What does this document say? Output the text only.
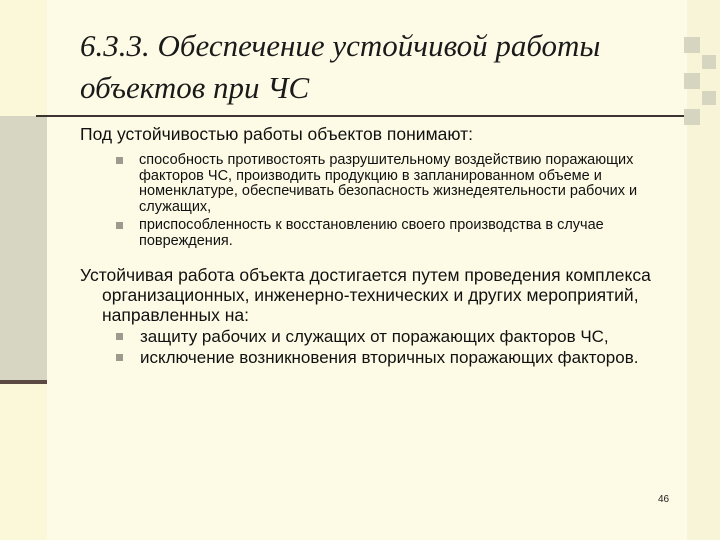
6.3.3. Обеспечение устойчивой работы объектов при ЧС

Под устойчивостью работы объектов понимают:

способность противостоять разрушительному воздействию поражающих факторов ЧС, производить продукцию в запланированном объеме и номенклатуре, обеспечивать безопасность жизнедеятельности рабочих и служащих,
приспособленность к восстановлению своего производства в случае повреждения.

Устойчивая работа объекта достигается путем проведения комплекса организационных, инженерно-технических и других мероприятий, направленных на:

защиту рабочих и служащих от поражающих факторов ЧС,
исключение возникновения вторичных поражающих факторов.
46
